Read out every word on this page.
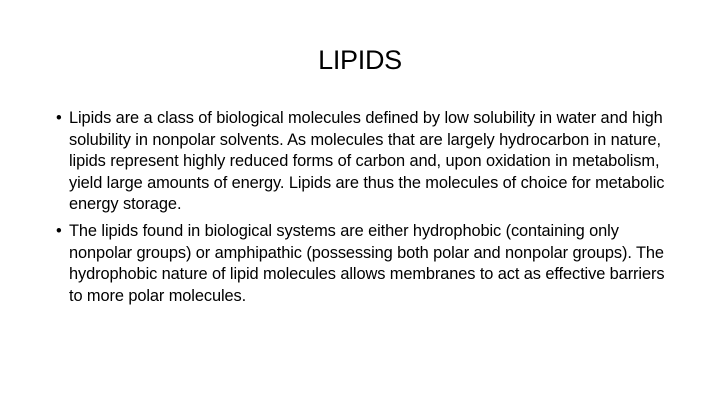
LIPIDS
• Lipids are a class of biological molecules defined by low solubility in water and high solubility in nonpolar solvents. As molecules that are largely hydrocarbon in nature, lipids represent highly reduced forms of carbon and, upon oxidation in metabolism, yield large amounts of energy. Lipids are thus the molecules of choice for metabolic energy storage.
• The lipids found in biological systems are either hydrophobic (containing only nonpolar groups) or amphipathic (possessing both polar and nonpolar groups). The hydrophobic nature of lipid molecules allows membranes to act as effective barriers to more polar molecules.
